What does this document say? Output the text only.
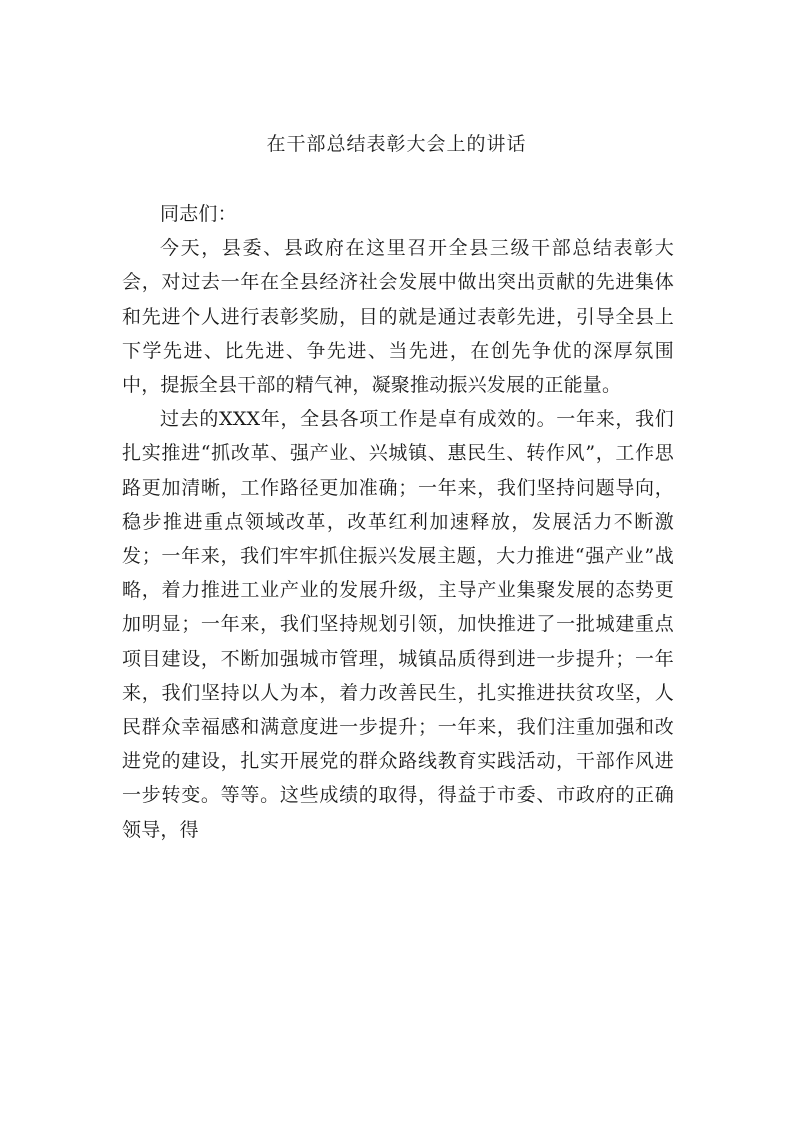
在干部总结表彰大会上的讲话

同志们：

今天，县委、县政府在这里召开全县三级干部总结表彰大会，对过去一年在全县经济社会发展中做出突出贡献的先进集体和先进个人进行表彰奖励，目的就是通过表彰先进，引导全县上下学先进、比先进、争先进、当先进，在创先争优的深厚氛围中，提振全县干部的精气神，凝聚推动振兴发展的正能量。

过去的XXX年，全县各项工作是卓有成效的。一年来，我们扎实推进“抓改革、强产业、兴城镇、惠民生、转作风”，工作思路更加清晰，工作路径更加准确；一年来，我们坚持问题导向，稳步推进重点领域改革，改革红利加速释放，发展活力不断激发；一年来，我们牢牢抓住振兴发展主题，大力推进“强产业”战略，着力推进工业产业的发展升级，主导产业集聚发展的态势更加明显；一年来，我们坚持规划引领，加快推进了一批城建重点项目建设，不断加强城市管理，城镇品质得到进一步提升；一年来，我们坚持以人为本，着力改善民生，扎实推进扶贫攻坚，人民群众幸福感和满意度进一步提升；一年来，我们注重加强和改进党的建设，扎实开展党的群众路线教育实践活动，干部作风进一步转变。等等。这些成绩的取得，得益于市委、市政府的正确领导，得
